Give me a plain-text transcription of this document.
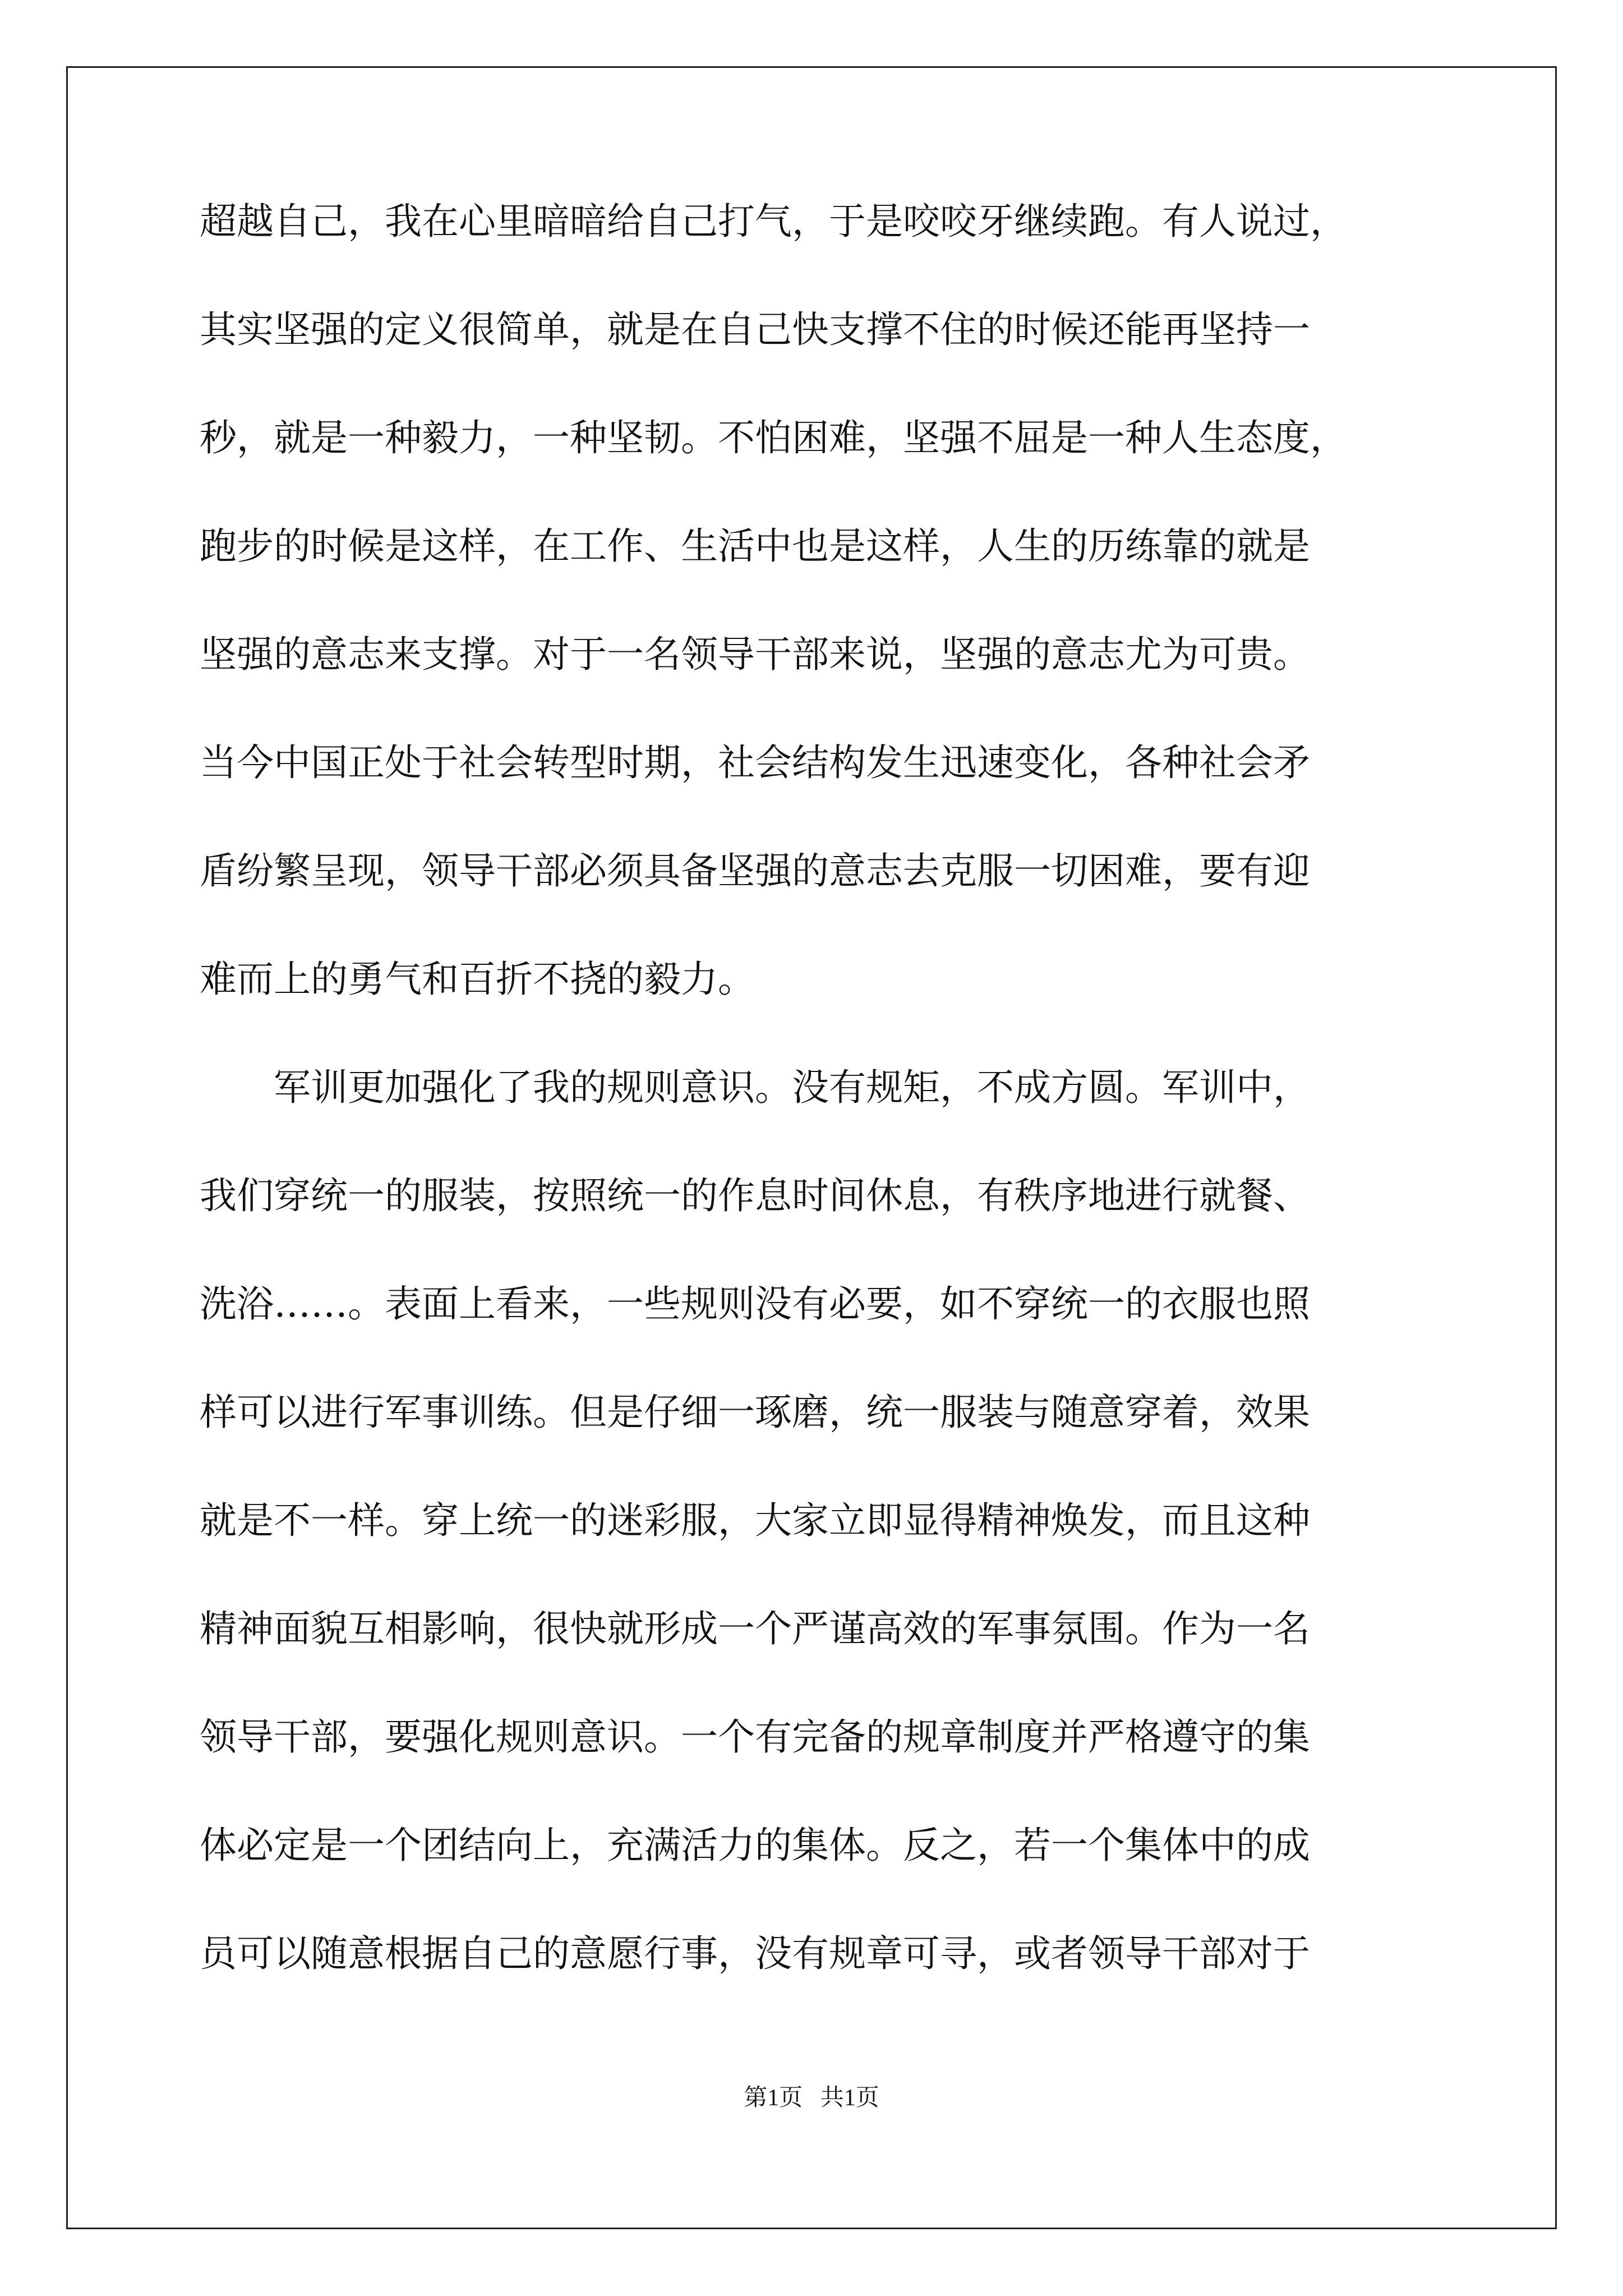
超越自己，我在心里暗暗给自己打气，于是咬咬牙继续跑。有人说过，
其实坚强的定义很简单，就是在自己快支撑不住的时候还能再坚持一
秒，就是一种毅力，一种坚韧。不怕困难，坚强不屈是一种人生态度，
跑步的时候是这样，在工作、生活中也是这样，人生的历练靠的就是
坚强的意志来支撑。对于一名领导干部来说，坚强的意志尤为可贵。
当今中国正处于社会转型时期，社会结构发生迅速变化，各种社会矛
盾纷繁呈现，领导干部必须具备坚强的意志去克服一切困难，要有迎
难而上的勇气和百折不挠的毅力。
　　军训更加强化了我的规则意识。没有规矩，不成方圆。军训中，
我们穿统一的服装，按照统一的作息时间休息，有秩序地进行就餐、
洗浴……。表面上看来，一些规则没有必要，如不穿统一的衣服也照
样可以进行军事训练。但是仔细一琢磨，统一服装与随意穿着，效果
就是不一样。穿上统一的迷彩服，大家立即显得精神焕发，而且这种
精神面貌互相影响，很快就形成一个严谨高效的军事氛围。作为一名
领导干部，要强化规则意识。一个有完备的规章制度并严格遵守的集
体必定是一个团结向上，充满活力的集体。反之，若一个集体中的成
员可以随意根据自己的意愿行事，没有规章可寻，或者领导干部对于
第1页   共1页
